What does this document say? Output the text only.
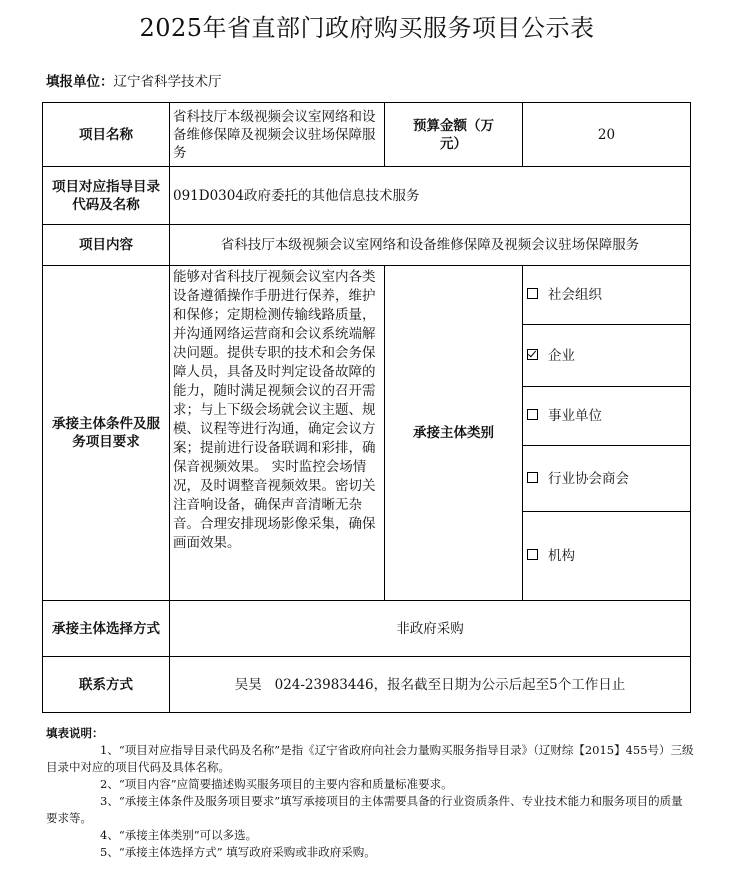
2025年省直部门政府购买服务项目公示表
填报单位：辽宁省科学技术厅
项目名称	省科技厅本级视频会议室网络和设备维修保障及视频会议驻场保障服务	预算金额（万元）	20
项目对应指导目录代码及名称	091D0304政府委托的其他信息技术服务		
项目内容	省科技厅本级视频会议室网络和设备维修保障及视频会议驻场保障服务		
承接主体条件及服务项目要求	能够对省科技厅视频会议室内各类设备遵循操作手册进行保养，维护和保修；定期检测传输线路质量，并沟通网络运营商和会议系统端解决问题。提供专职的技术和会务保障人员，具备及时判定设备故障的能力，随时满足视频会议的召开需求；与上下级会场就会议主题、规模、议程等进行沟通，确定会议方案；提前进行设备联调和彩排，确保音视频效果。 实时监控会场情况，及时调整音视频效果。密切关注音响设备，确保声音清晰无杂音。合理安排现场影像采集，确保画面效果。	承接主体类别	社会组织
			企业
			事业单位
			行业协会商会
			机构
承接主体选择方式	非政府采购		
联系方式	吴昊   024-23983446，报名截至日期为公示后起至5个工作日止		
填表说明：
1、“项目对应指导目录代码及名称”是指《辽宁省政府向社会力量购买服务指导目录》（辽财综【2015】455号）三级目录中对应的项目代码及具体名称。
2、“项目内容”应简要描述购买服务项目的主要内容和质量标准要求。
3、“承接主体条件及服务项目要求”填写承接项目的主体需要具备的行业资质条件、专业技术能力和服务项目的质量要求等。
4、“承接主体类别”可以多选。
5、“承接主体选择方式” 填写政府采购或非政府采购。
